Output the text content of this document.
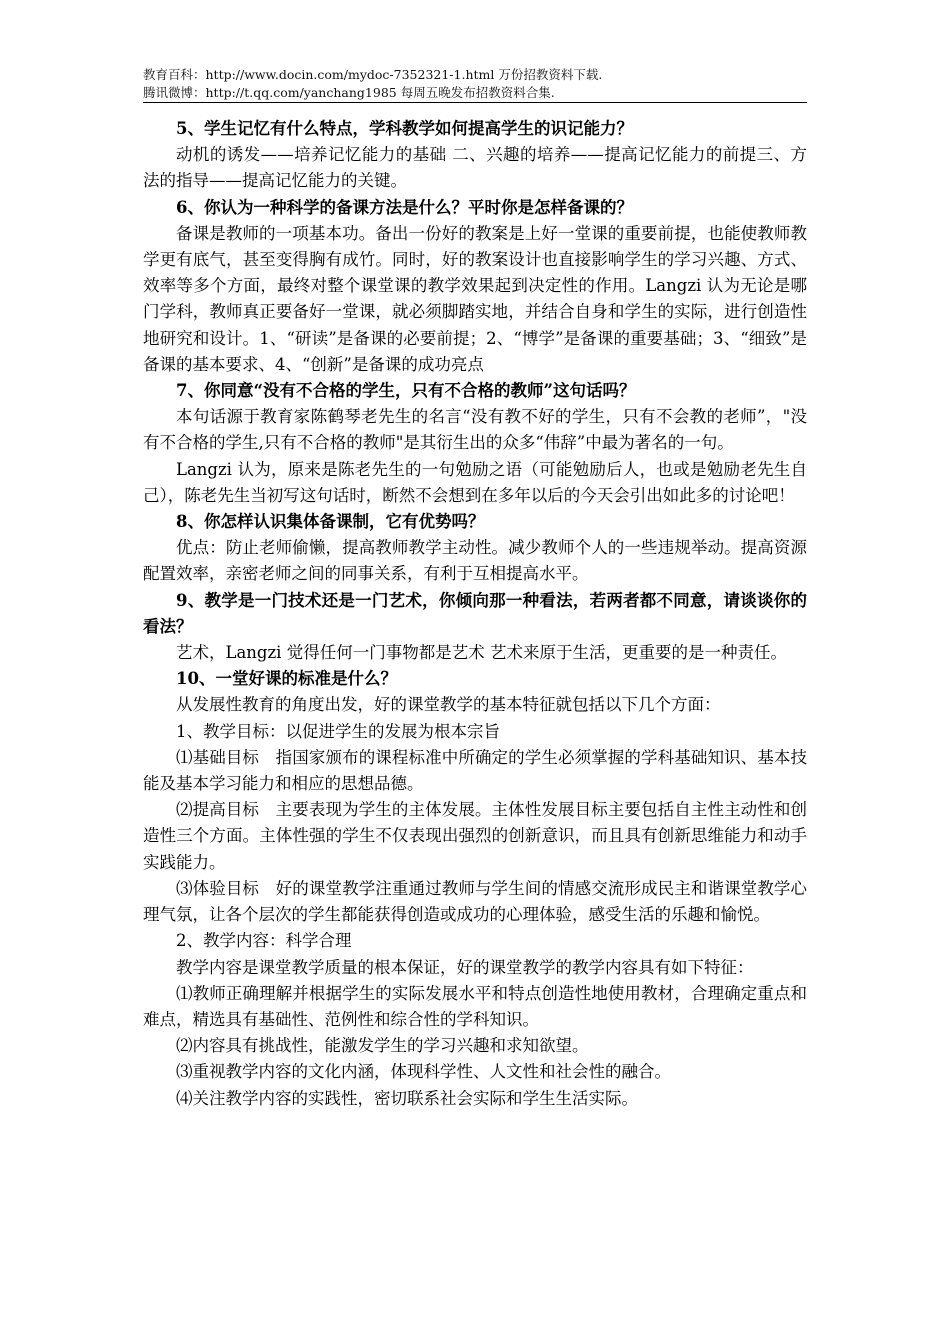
教育百科：http://www.docin.com/mydoc-7352321-1.html 万份招教资料下载.
腾讯微博：http://t.qq.com/yanchang1985 每周五晚发布招教资料合集.

5、学生记忆有什么特点，学科教学如何提高学生的识记能力？

动机的诱发——培养记忆能力的基础 二、兴趣的培养——提高记忆能力的前提三、方法的指导——提高记忆能力的关键。

6、你认为一种科学的备课方法是什么？平时你是怎样备课的？

备课是教师的一项基本功。备出一份好的教案是上好一堂课的重要前提，也能使教师教学更有底气，甚至变得胸有成竹。同时，好的教案设计也直接影响学生的学习兴趣、方式、效率等多个方面，最终对整个课堂课的教学效果起到决定性的作用。Langzi 认为无论是哪门学科，教师真正要备好一堂课，就必须脚踏实地，并结合自身和学生的实际，进行创造性地研究和设计。1、“研读”是备课的必要前提；2、“博学”是备课的重要基础；3、“细致”是备课的基本要求、4、“创新”是备课的成功亮点

7、你同意“没有不合格的学生，只有不合格的教师”这句话吗？

本句话源于教育家陈鹤琴老先生的名言“没有教不好的学生，只有不会教的老师”，"没有不合格的学生,只有不合格的教师"是其衍生出的众多“伟辞”中最为著名的一句。

Langzi 认为，原来是陈老先生的一句勉励之语（可能勉励后人，也或是勉励老先生自己），陈老先生当初写这句话时，断然不会想到在多年以后的今天会引出如此多的讨论吧！

8、你怎样认识集体备课制，它有优势吗？

优点：防止老师偷懒，提高教师教学主动性。减少教师个人的一些违规举动。提高资源配置效率，亲密老师之间的同事关系，有利于互相提高水平。

9、教学是一门技术还是一门艺术，你倾向那一种看法，若两者都不同意，请谈谈你的看法？

艺术，Langzi 觉得任何一门事物都是艺术 艺术来原于生活，更重要的是一种责任。

10、一堂好课的标准是什么？

从发展性教育的角度出发，好的课堂教学的基本特征就包括以下几个方面：

1、教学目标：以促进学生的发展为根本宗旨

⑴基础目标　指国家颁布的课程标准中所确定的学生必须掌握的学科基础知识、基本技能及基本学习能力和相应的思想品德。

⑵提高目标　主要表现为学生的主体发展。主体性发展目标主要包括自主性主动性和创造性三个方面。主体性强的学生不仅表现出强烈的创新意识，而且具有创新思维能力和动手实践能力。

⑶体验目标　好的课堂教学注重通过教师与学生间的情感交流形成民主和谐课堂教学心理气氛，让各个层次的学生都能获得创造或成功的心理体验，感受生活的乐趣和愉悦。

2、教学内容：科学合理

教学内容是课堂教学质量的根本保证，好的课堂教学的教学内容具有如下特征：

⑴教师正确理解并根据学生的实际发展水平和特点创造性地使用教材，合理确定重点和难点，精选具有基础性、范例性和综合性的学科知识。

⑵内容具有挑战性，能激发学生的学习兴趣和求知欲望。

⑶重视教学内容的文化内涵，体现科学性、人文性和社会性的融合。

⑷关注教学内容的实践性，密切联系社会实际和学生生活实际。
